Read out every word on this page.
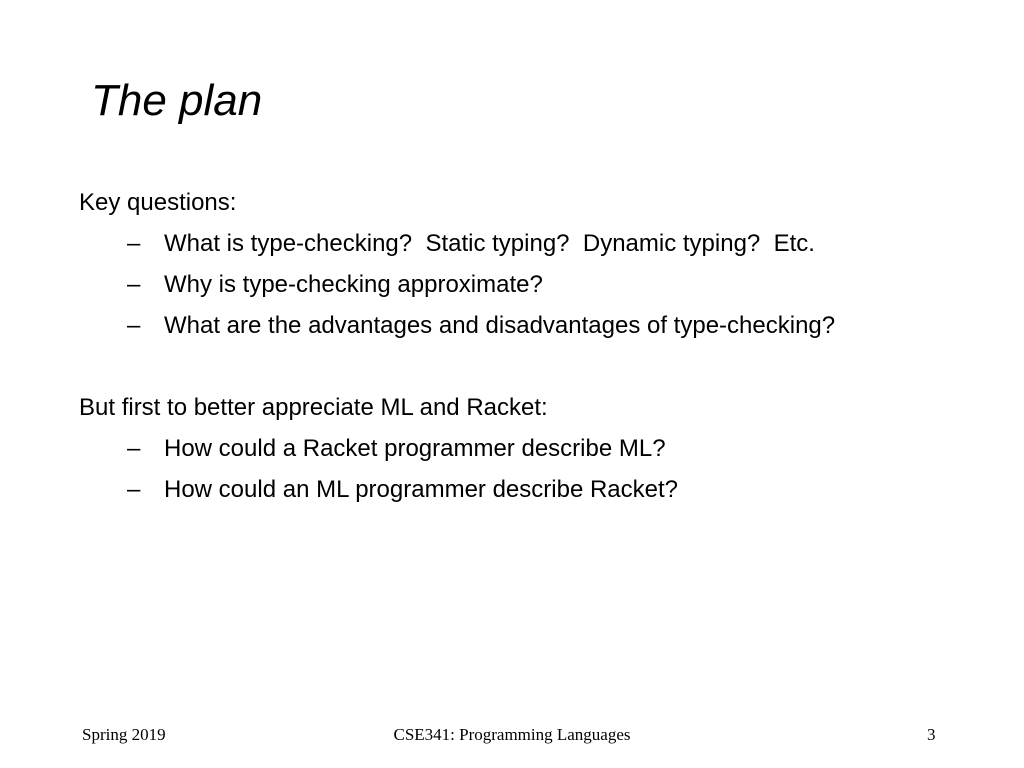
The plan
Key questions:
– What is type-checking?  Static typing?  Dynamic typing?  Etc.
– Why is type-checking approximate?
– What are the advantages and disadvantages of type-checking?
But first to better appreciate ML and Racket:
– How could a Racket programmer describe ML?
– How could an ML programmer describe Racket?
Spring 2019	CSE341: Programming Languages	3
